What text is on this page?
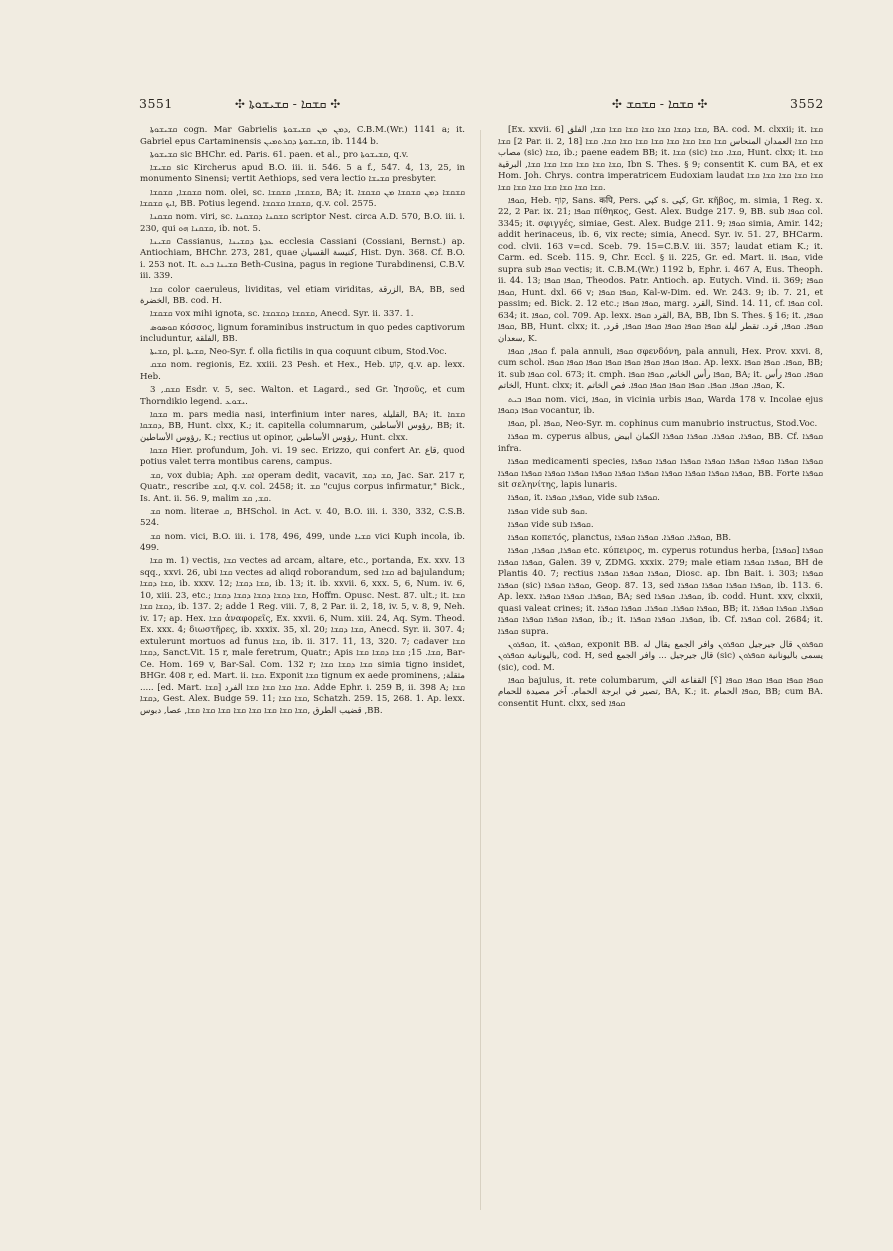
3551	✣ ܩܫܩܐ - ܩܫܝܫܘܬܐ ✣	✣ ܩܫܩܐ - ܩܫܩܫ ✣	3552

ܩܫܝܫܘܬܐ cogn. Mar Gabrielis ܕܡܢ ܡܢ ܩܫܝܫܘܬܐ, C.B.M.(Wr.) 1141 a; it. Gabriel epus Cartaminensis ܩܫܝܫܘܬܐ ܕܩܪܬܡܝܢ, ib. 1144 b.

ܩܫܝܫܘܬܐ sic BHChr. ed. Paris. 61. paen. et al., pro ܩܫܝܫܘܬܐ, q.v.

ܩܫܝܫܐ sic Kircherus apud B.O. iii. ii. 546. 5 a f., 547. 4, 13, 25, in monumento Sinensi; vertit Aethiops, sed vera lectio ܩܫܝܫܐ presbyter.

ܩܫܩܫܐ, ܩܫܩܫܐ nom. olei, sc. ܩܫܩܫܐ, ܩܫܩܫܐ, BA; it. ܩܫܩܫܐ ܕܡܢ ܩܫܩܫܐ ܡܢ ܩܫܩܫܐ ܐܝܟ ܩܫܩܫܐ, BB. Potius legend. ܩܫܩܫܐ ܩܫܩܫܐ, q.v. col. 2575.

ܩܫܩܢܐ nom. viri, sc. ܩܫܩܢܐ ܕܩܫܩܢܐ scriptor Nest. circa A.D. 570, B.O. iii. i. 230, qui ܩܫܩܢܐ ܗܘ, ib. not. 5.

ܩܫܝܢܐ Cassianus, ܥܕܬܐ ܕܩܫܝܢܐ ecclesia Cassiani (Cossiani, Bernst.) ap. Antiochiam, BHChr. 273, 281, quae كنيسة القسيان, Hist. Dyn. 368. Cf. B.O. i. 253 not. It. ܩܫܝܢܐ ܒܝܬ Beth-Cusina, pagus in regione Turabdinensi, C.B.V. iii. 339.

ܩܫܐ color caeruleus, lividitas, vel etiam viriditas, الزرقة, BA, BB, sed الخضرة, BB. cod. H.

ܩܫܩܫܐ vox mihi ignota, sc. ܩܫܩܫܐ ܕܩܫܩܫܐ, Anecd. Syr. ii. 337. 1.

ܩܘܣܘܣ κόσσος, lignum foraminibus instructum in quo pedes captivorum includuntur, الفلقة, BB.

ܩܫܝܬܐ, pl. ܩܫܝܬܐ, Neo-Syr. f. olla fictilis in qua coquunt cibum, Stod.Voc.

ܩܫܩ nom. regionis, Ez. xxiii. 23 Pesh. et Hex., Heb. קוֹעַ, q.v. ap. lexx. Heb.

ܩܫܩ, 3 Esdr. v. 5, sec. Walton. et Lagard., sed Gr. Ἰησοῦς, et cum Thorndikio legend. ܝܫܘܥ.

ܩܫܩܐ m. pars media nasi, interfinium inter nares, القليلة, BA; it. ܩܫܩܐ ܕܩܫܩܐ, BB, Hunt. clxx, K.; it. capitella columnarum, رؤوس الأساطين, BB; it. رؤوس الأساطين, K.; rectius ut opinor, رؤوس الأساطين, Hunt. clxx.

ܩܫܩܐ Hier. profundum, Joh. vi. 19 sec. Erizzo, qui confert Ar. قاع, quod potius valet terra montibus carens, campus.

ܩܫ, vox dubia; Aph. ܐܩܫ operam dedit, vacavit, ܩܫ ܕܩܫ, Jac. Sar. 217 r, Quatr., rescribe ܐܩܫ, q.v. col. 2458; it. ܩܫ "cujus corpus infirmatur," Bick., Is. Ant. ii. 56. 9, malim ܩܫ, ܩܫ.

ܩܫ nom. literae ܩ, BHSchol. in Act. v. 40, B.O. iii. i. 330, 332, C.S.B. 524.

ܩܫ nom. vici, B.O. iii. i. 178, 496, 499, unde ܩܫܝܐ vici Kuph incola, ib. 499.

ܩܫܐ m. 1) vectis, ܩܫܐ vectes ad arcam, altare, etc., portanda, Ex. xxv. 13 sqq., xxvi. 26, ubi ܩܫܐ vectes ad aliqd roborandum, sed ܩܫܐ ad bajulandum; ܩܫܐ ܕܩܫܐ, ib. xxxv. 12; ܩܫܐ ܕܩܫܐ, ib. 13; it. ib. xxvii. 6, xxx. 5, 6, Num. iv. 6, 10, xiii. 23, etc.; ܩܫܐ ܕܩܫܐ ܕܩܫܐ ܕܩܫܐ ܕܩܫܐ, Hoffm. Opusc. Nest. 87. ult.; it. ܩܫܐ ܕܩܫܐ ܩܫܐ, ib. 137. 2; adde 1 Reg. viii. 7, 8, 2 Par. ii. 2, 18, iv. 5, v. 8, 9, Neh. iv. 17; ap. Hex. ܩܫܐ ἀναφορεῖς, Ex. xxvii. 6, Num. xiii. 24, Aq. Sym. Theod. Ex. xxx. 4; διωστῆρες, ib. xxxix. 35, xl. 20; ܩܫܐ ܕܩܫܐ, Anecd. Syr. ii. 307. 4; extulerunt mortuos ad funus ܩܫܐ, ib. ii. 317. 11, 13, 320. 7; cadaver ܩܫܐ ܕܩܫܐ, Sanct.Vit. 15 r, male feretrum, Quatr.; Apis ܩܫܐ. 15; ܩܫܐ ܕܩܫܐ ܩܫܐ, Bar-Ce. Hom. 169 v, Bar-Sal. Com. 132 r; ܩܫܐ ܕܩܫܐ ܩܫܐ simia tigno insidet, BHGr. 408 r, ed. Mart. ii. ܩܫܐ. Exponit ܩܫܐ tignum ex aede prominens, ;مثقلة ..... [ed. Mart. ܩܫܐ] ܩܫܐ ܩܫܐ ܩܫܐ ܩܫܐ الفرد. Adde Ephr. i. 259 B, ii. 398 A; ܩܫܐ ܕܩܫܐ, Gest. Alex. Budge 59. 11; ܩܫܐ ܩܫܐ, Schatzh. 259. 15, 268. 1. Ap. lexx. قضيب الطرق ,ܩܫܐ ܩܫܐ ܩܫܐ ܩܫܐ ܩܫܐ ܩܫܐ ܩܫܐ ܩܫܐ, عصا, دبوس ,BB.

[Ex. xxvii. 6] ܩܫܐ ܕܩܫܐ ܩܫܐ ܩܫܐ ܩܫܐ ܩܫܐ ܩܫܐ, الفلق, BA. cod. M. clxxii; it. ܩܫܐ ܩܫܐ [2 Par. ii. 2, 18] ܩܫܐ ܩܫܐ العمدان المنحاس ܩܫܐ ܩܫܐ ܩܫܐ ܩܫܐ ܩܫܐ ܩܫܐ ܩܫܐ ܩܫܐ. ܩܫܐ مصاب (sic) ܩܫܐ, ib.; paene eadem BB; it. ܩܫܐ (sic) ܩܫܐ. ܩܫܐ, Hunt. clxx; it. ܩܫܐ ܩܫܐ ܩܫܐ ܩܫܐ ܩܫܐ ܩܫܐ ܩܫܐ, البرقية, Ibn S. Thes. § 9; consentit K. cum BA, et ex Hom. Joh. Chrys. contra imperatricem Eudoxiam laudat ܩܫܐ ܩܫܐ ܩܫܐ ܩܫܐ ܩܫܐ ܩܫܐ ܩܫܐ ܩܫܐ ܩܫܐ ܩܫܐ ܩܫܐ ܩܫܐ.

ܩܘܦܐ, Heb. קוֹף, Sans. कपि, Pers. كپي s. كپى, Gr. κῆβος, m. simia, 1 Reg. x. 22, 2 Par. ix. 21; ܩܘܦܐ πίθηκος, Gest. Alex. Budge 217. 9, BB. sub ܩܘܦܐ col. 3345; it. σφιγγές, simiae, Gest. Alex. Budge 211. 9; ܩܘܦܐ simia, Amir. 142; addit herinaceus, ib. 6, vix recte; simia, Anecd. Syr. iv. 51. 27, BHCarm. cod. clvii. 163 v=cd. Sceb. 79. 15=C.B.V. iii. 357; laudat etiam K.; it. Carm. ed. Sceb. 115. 9, Chr. Eccl. § ii. 225, Gr. ed. Mart. ii. ܩܘܦܐ, vide supra sub ܩܘܦܐ vectis; it. C.B.M.(Wr.) 1192 b, Ephr. i. 467 A, Eus. Theoph. ii. 44. 13; ܩܘܦܐ ܩܘܦܐ, Theodos. Patr. Antioch. ap. Eutych. Vind. ii. 369; ܩܘܦܐ ܩܘܦܐ, Hunt. dxl. 66 v; ܩܘܦܐ ܩܘܦܐ, Kal-w-Dim. ed. Wr. 243. 9; ib. 7. 21, et passim; ed. Bick. 2. 12 etc.; ܩܘܦܐ ܩܘܦܐ, marg. القرد, Sind. 14. 11, cf. ܩܘܦܐ col. 634; it. ܩܘܦܐ, col. 709. Ap. lexx. القرد ܩܘܦܐ, BA, BB, Ibn S. Thes. § 16; it. ܩܘܦܐ, ܩܘܦܐ, BB, Hunt. clxx; it. ܩܘܦܐ. ܩܘܦܐ, قرد. تقطر ليلة ܩܘܦܐ ܩܘܦܐ ܩܘܦܐ ܩܘܦܐ ܩܘܦܐ, قرد, سعدان, K.

ܩܘܦܐ, ܩܘܦܐ f. pala annuli, ܩܘܦܐ σφενδόνη, pala annuli, Hex. Prov. xxvi. 8, cum schol. ܩܘܦܐ ܩܘܦܐ ܩܘܦܐ ܩܘܦܐ ܩܘܦܐ ܩܘܦܐ ܩܘܦܐ ܩܘܦܐ. Ap. lexx. ܩܘܦܐ. ܩܘܦܐ ܩܘܦܐ, BB; it. sub ܩܘܦܐ col. 673; it. cmph. ܩܘܦܐ رأس الخاتم, ܩܘܦܐ ܩܘܦܐ, BA; it. ܩܘܦܐ. ܩܘܦܐ رأس الخاتم, Hunt. clxx; it. ܩܘܦܐ. ܩܘܦܐ. ܩܘܦܐ. ܩܘܦܐ ܩܘܦܐ ܩܘܦܐ ܩܘܦܐ. فص الخاتم, K.

ܩܘܦܐ ܒܝܬ nom. vici, ܩܘܦܐ, in vicinia urbis ܩܘܦܐ, Warda 178 v. Incolae ejus ܩܘܦܐ ܕܩܘܦܐ vocantur, ib.

ܩܘܦܐ, pl. ܩܘܦܐ, Neo-Syr. m. cophinus cum manubrio instructus, Stod.Voc.

ܩܘܦܪܐ m. cyperus albus, ܩܘܦܪܐ. ܩܘܦܪܐ. ܩܘܦܪܐ ܩܘܦܪܐ الكمان ابيض, BB. Cf. ܩܘܦܪܐ infra.

ܩܘܦܪܐ medicamenti species, ܩܘܦܪܐ ܩܘܦܪܐ ܩܘܦܪܐ ܩܘܦܪܐ ܩܘܦܪܐ ܩܘܦܪܐ ܩܘܦܪܐ ܩܘܦܪܐ ܩܘܦܪܐ ܩܘܦܪܐ ܩܘܦܪܐ ܩܘܦܪܐ ܩܘܦܪܐ ܩܘܦܪܐ ܩܘܦܪܐ ܩܘܦܪܐ ܩܘܦܪܐ ܩܘܦܪܐ ܩܘܦܪܐ, BB. Forte ܩܘܦܪܐ sit σεληνίτης, lapis lunaris.

ܩܘܦܪܐ, it. ܩܘܦܪܐ, ܩܘܦܪܐ, vide sub ܩܘܦܪܐ.

ܩܘܦܪܐ vide sub ܩܘܦ.

ܩܘܦܪܐ vide sub ܩܘܦܪܐ.

ܩܘܦܪܐ κοπετός, planctus, ܩܘܦܪܐ. ܩܘܦܪܐ. ܩܘܦܪܐ ܩܘܦܪܐ, BB.

ܩܘܦܪܐ, ܩܘܦܪܐ, ܩܘܦܪܐ etc. κύπειρος, m. cyperus rotundus herba, [ܩܘܦܪܐ] ܩܘܦܪܐ ܩܘܦܪܐ ܩܘܦܪܐ, Galen. 39 v, ZDMG. xxxix. 279; male etiam ܩܘܦܪܐ ܩܘܦܪܐ, BH de Plantis 40. 7; rectius ܩܘܦܪܐ ܩܘܦܪܐ ܩܘܦܪܐ, Diosc. ap. Ibn Bait. i. 303; ܩܘܦܪܐ ܩܘܦܪܐ (sic) ܩܘܦܪܐ ܩܘܦܪܐ, Geop. 87. 13, sed ܩܘܦܪܐ ܩܘܦܪܐ ܩܘܦܪܐ ܩܘܦܪܐ, ib. 113. 6. Ap. lexx. ܩܘܦܪܐ. ܩܘܦܪܐ ܩܘܦܪܐ, BA; sed ܩܘܦܪܐ. ܩܘܦܪܐ, ib. codd. Hunt. xxv, clxxii, quasi valeat crines; it. ܩܘܦܪܐ ܩܘܦܪܐ. ܩܘܦܪܐ. ܩܘܦܪܐ ܩܘܦܪܐ, BB; it. ܩܘܦܪܐ. ܩܘܦܪܐ ܩܘܦܪܐ ܩܘܦܪܐ ܩܘܦܪܐ ܩܘܦܪܐ ܩܘܦܪܐ, ib.; it. ܩܘܦܪܐ. ܩܘܦܪܐ ܩܘܦܪܐ, ib. Cf. ܩܘܦܪܐ col. 2684; it. ܩܘܦܪܐ supra.

ܩܘܦܪܘܢ, it. ܩܘܦܪܘܢ, exponit BB. ܩܘܦܪܘܢ قال جيرجيل ܩܘܦܪܘܢ وافر الجمع يقال له باليونانية ܩܘܦܪܘܢ, cod. H, sed قال جيرجيل ... وافر الجمع (sic) يسمى باليونانية ܩܘܦܪܘܢ (sic), cod. M.

ܩܘܦܐ bajulus, it. rete columbarum, ܩܘܦܐ ܩܘܦܐ ܩܘܦܐ ܩܘܦܐ ܩܘܦܐ [؟] القفاعة التي تصير في ابرجة الحمام. آخر مصيدة للحمام, BA, K.; it. ܩܘܦܐ الحمام, BB; cum BA. consentit Hunt. clxx, sed ܩܘܦܐ
